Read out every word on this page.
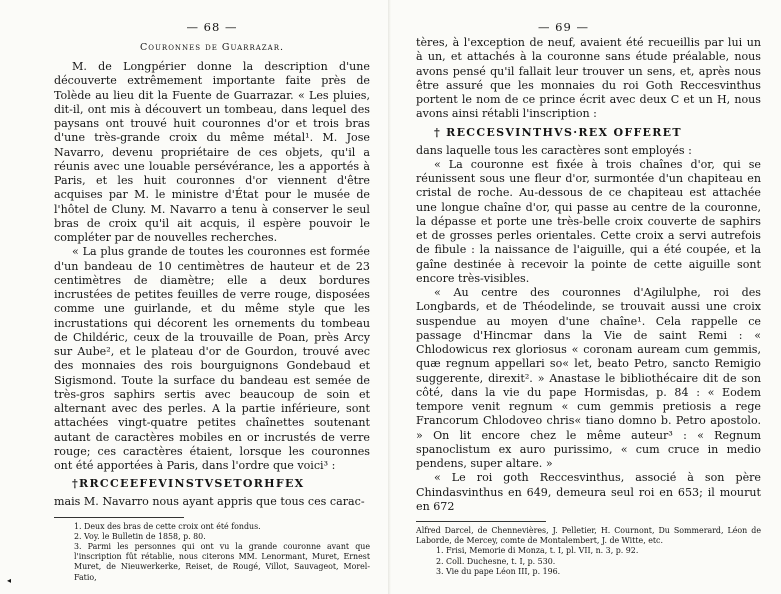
— 68 —
Couronnes de Guarrazar.

M. de Longpérier donne la description d'une découverte extrêmement importante faite près de Tolède au lieu dit la Fuente de Guarrazar. « Les pluies, dit-il, ont mis à découvert un tombeau, dans lequel des paysans ont trouvé huit couronnes d'or et trois bras d'une très-grande croix du même métal¹. M. Jose Navarro, devenu propriétaire de ces objets, qu'il a réunis avec une louable persévérance, les a apportés à Paris, et les huit couronnes d'or viennent d'être acquises par M. le ministre d'État pour le musée de l'hôtel de Cluny. M. Navarro a tenu à conserver le seul bras de croix qu'il ait acquis, il espère pouvoir le compléter par de nouvelles recherches.

« La plus grande de toutes les couronnes est formée d'un bandeau de 10 centimètres de hauteur et de 23 centimètres de diamètre; elle a deux bordures incrustées de petites feuilles de verre rouge, disposées comme une guirlande, et du même style que les incrustations qui décorent les ornements du tombeau de Childéric, ceux de la trouvaille de Poan, près Arcy sur Aube², et le plateau d'or de Gourdon, trouvé avec des monnaies des rois bourguignons Gondebaud et Sigismond. Toute la surface du bandeau est semée de très-gros saphirs sertis avec beaucoup de soin et alternant avec des perles. A la partie inférieure, sont attachées vingt-quatre petites chaînettes soutenant autant de caractères mobiles en or incrustés de verre rouge; ces caractères étaient, lorsque les couronnes ont été apportées à Paris, dans l'ordre que voici³ :

†RRCCEEFEVINSTVSETORHFEX

mais M. Navarro nous ayant appris que tous ces carac-

1. Deux des bras de cette croix ont été fondus.
2. Voy. le Bulletin de 1858, p. 80.
3. Parmi les personnes qui ont vu la grande couronne avant que l'inscription fût rétablie, nous citerons MM. Lenormant, Muret, Ernest Muret, de Nieuwerkerke, Reiset, de Rougé, Villot, Sauvageot, Morel-Fatio,
— 69 —

tères, à l'exception de neuf, avaient été recueillis par lui un à un, et attachés à la couronne sans étude préalable, nous avons pensé qu'il fallait leur trouver un sens, et, après nous être assuré que les monnaies du roi Goth Reccesvinthus portent le nom de ce prince écrit avec deux C et un H, nous avons ainsi rétabli l'inscription :

† RECCESVINTHVS·REX OFFERET

dans laquelle tous les caractères sont employés :

« La couronne est fixée à trois chaînes d'or, qui se réunissent sous une fleur d'or, surmontée d'un chapiteau en cristal de roche. Au-dessous de ce chapiteau est attachée une longue chaîne d'or, qui passe au centre de la couronne, la dépasse et porte une très-belle croix couverte de saphirs et de grosses perles orientales. Cette croix a servi autrefois de fibule : la naissance de l'aiguille, qui a été coupée, et la gaîne destinée à recevoir la pointe de cette aiguille sont encore très-visibles.

« Au centre des couronnes d'Agilulphe, roi des Longbards, et de Théodelinde, se trouvait aussi une croix suspendue au moyen d'une chaîne¹. Cela rappelle ce passage d'Hincmar dans la Vie de saint Remi : « Chlodowicus rex gloriosus « coronam auream cum gemmis, quæ regnum appellari so« let, beato Petro, sancto Remigio suggerente, direxit². » Anastase le bibliothécaire dit de son côté, dans la vie du pape Hormisdas, p. 84 : « Eodem tempore venit regnum « cum gemmis pretiosis a rege Francorum Chlodoveo chris« tiano domno b. Petro apostolo. » On lit encore chez le même auteur³ : « Regnum spanoclistum ex auro purissimo, « cum cruce in medio pendens, super altare. »

« Le roi goth Reccesvinthus, associé à son père Chindasvinthus en 649, demeura seul roi en 653; il mourut en 672

Alfred Darcel, de Chennevières, J. Pelletier, H. Cournont, Du Sommerard, Léon de Laborde, de Mercey, comte de Montalembert, J. de Witte, etc.
1. Frisi, Memorie di Monza, t. I, pl. VII, n. 3, p. 92.
2. Coll. Duchesne, t. I, p. 530.
3. Vie du pape Léon III, p. 196.
◂
